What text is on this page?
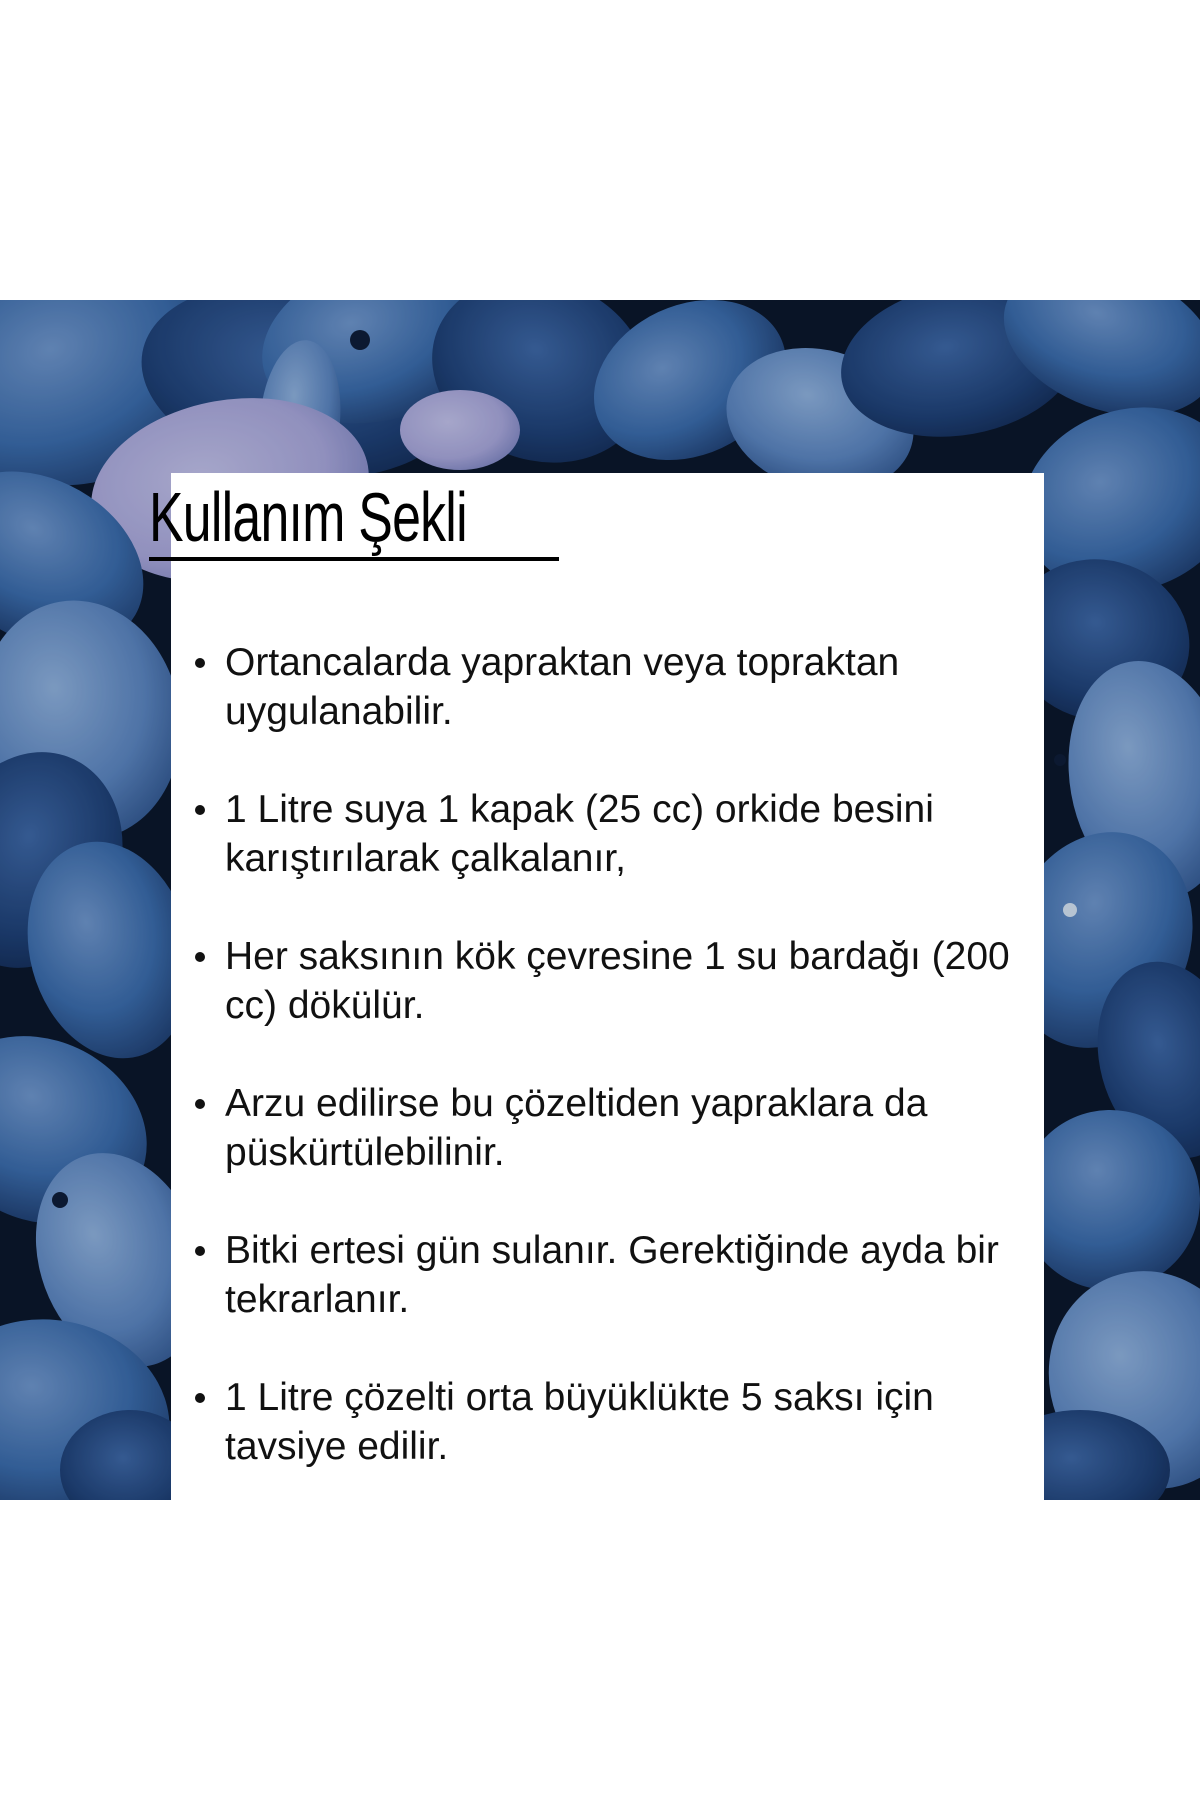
Kullanım Şekli
Ortancalarda yapraktan veya topraktan uygulanabilir.
1 Litre suya 1 kapak (25 cc) orkide besini karıştırılarak çalkalanır,
Her saksının kök çevresine 1 su bardağı (200 cc) dökülür.
Arzu edilirse bu çözeltiden yapraklara da püskürtülebilinir.
Bitki ertesi gün sulanır. Gerektiğinde ayda bir tekrarlanır.
1 Litre çözelti orta büyüklükte 5 saksı için tavsiye edilir.
